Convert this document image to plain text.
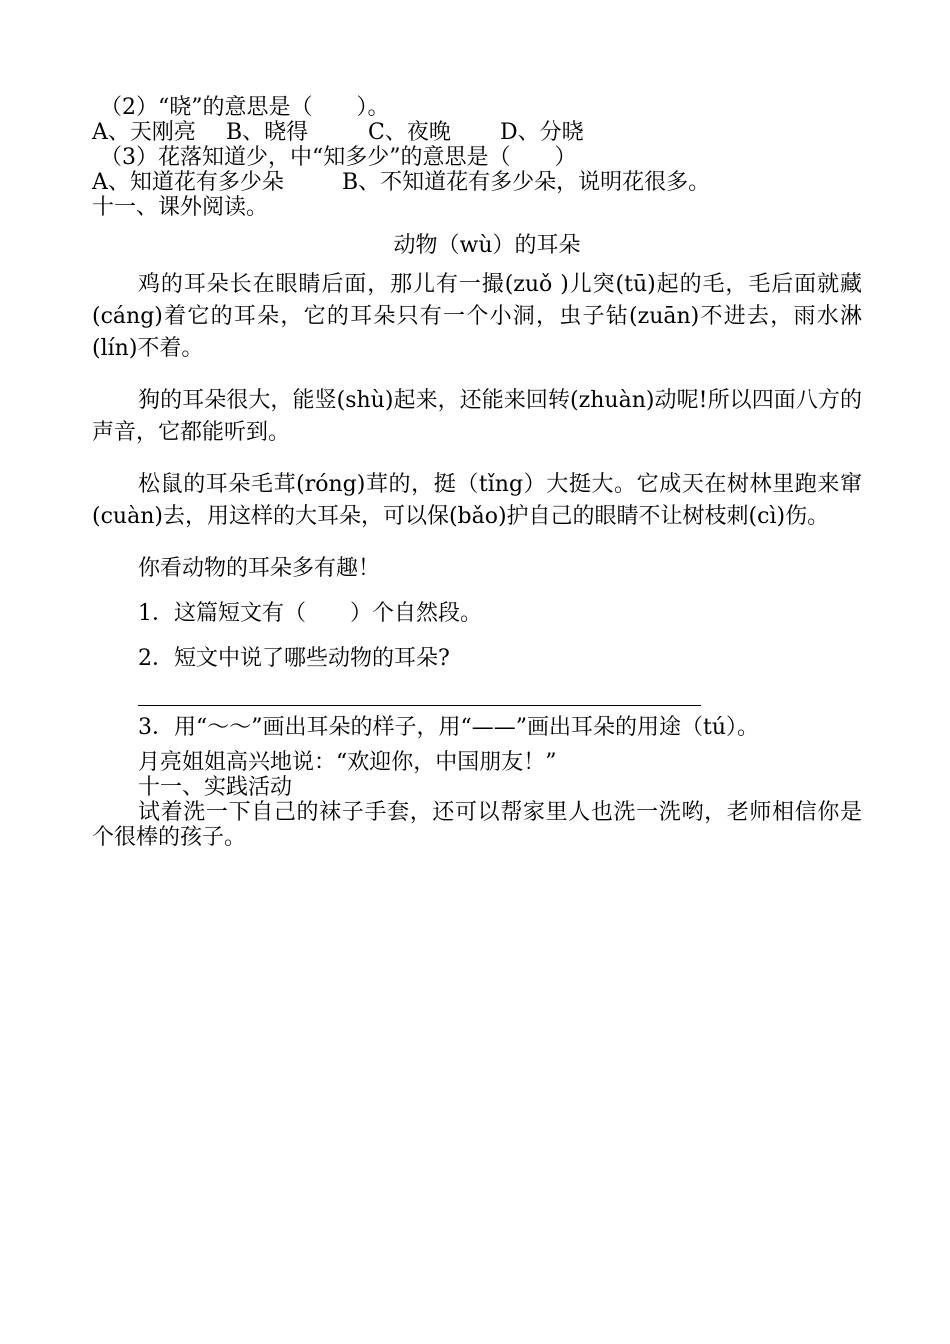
（2）“晓”的意思是（　　）。
A、天刚亮 B、晓得	C、夜晚 D、分晓
（3）花落知道少，中“知多少”的意思是（　　）
A、知道花有多少朵	B、不知道花有多少朵，说明花很多。
十一、课外阅读。
动物（wù）的耳朵

鸡的耳朵长在眼睛后面，那儿有一撮(zuǒ )儿突(tū)起的毛，毛后面就藏(cáng)着它的耳朵，它的耳朵只有一个小洞，虫子钻(zuān)不进去，雨水淋(lín)不着。

狗的耳朵很大，能竖(shù)起来，还能来回转(zhuàn)动呢!所以四面八方的声音，它都能听到。

松鼠的耳朵毛茸(róng)茸的，挺（tǐng）大挺大。它成天在树林里跑来窜(cuàn)去，用这样的大耳朵，可以保(bǎo)护自己的眼睛不让树枝刺(cì)伤。

你看动物的耳朵多有趣！

1．这篇短文有（　　）个自然段。
2．短文中说了哪些动物的耳朵?
3．用“～～”画出耳朵的样子，用“——”画出耳朵的用途（tú）。
月亮姐姐高兴地说：“欢迎你，中国朋友！”
十一、实践活动

试着洗一下自己的袜子手套，还可以帮家里人也洗一洗哟，老师相信你是个很棒的孩子。
